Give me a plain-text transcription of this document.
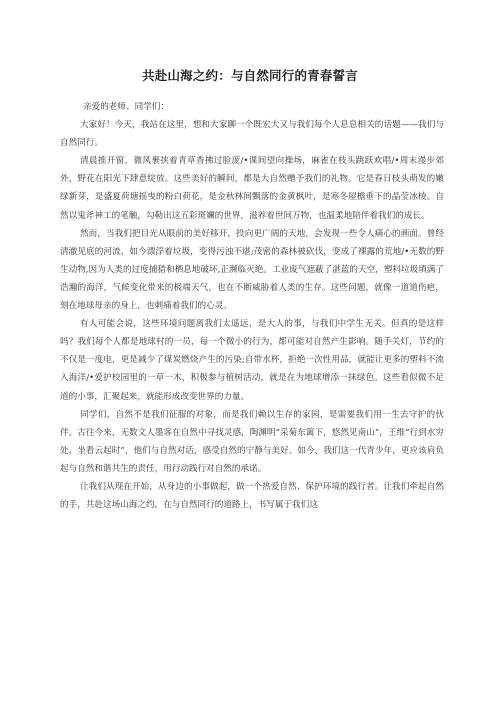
共赴山海之约：与自然同行的青春誓言

亲爱的老师、同学们：

大家好！今天，我站在这里，想和大家聊一个既宏大又与我们每个人息息相关的话题——我们与自然同行。

清晨推开窗，微风裹挟着青草香拂过脸庞/•课间望向操场，麻雀在枝头跳跃欢唱/•周末漫步郊外，野花在阳光下肆意绽放。这些美好的瞬间，都是大自然赠予我们的礼物。它是春日枝头萌发的嫩绿新芽，是盛夏荷塘摇曳的粉白荷花，是金秋林间飘落的金黄枫叶，是寒冬屋檐垂下的晶莹冰棱。自然以鬼斧神工的笔触，勾勒出这五彩斑斓的世界，滋养着世间万物，也温柔地陪伴着我们的成长。

然而，当我们把目光从眼前的美好移开，投向更广阔的天地，会发现一些令人痛心的画面。曾经清澈见底的河流，如今漂浮着垃圾，变得污浊不堪;茂密的森林被砍伐，变成了裸露的荒地/•无数的野生动物,因为人类的过度捕猎和栖息地破坏,正濒临灭绝。工业废气遮蔽了湛蓝的天空，塑料垃圾填满了浩瀚的海洋，气候变化带来的极端天气，也在不断威胁着人类的生存。这些问题，就像一道道伤疤，刻在地球母亲的身上，也刺痛着我们的心灵。

有人可能会说，这些环境问题离我们太遥远，是大人的事，与我们中学生无关。但真的是这样吗？我们每个人都是地球村的一员，每一个微小的行为，都可能对自然产生影响。随手关灯，节约的不仅是一度电，更是减少了煤炭燃烧产生的污染;自带水杯，拒绝一次性用品，就能让更多的塑料不流入海洋/•爱护校园里的一草一木，积极参与植树活动，就是在为地球增添一抹绿色。这些看似微不足道的小事，汇聚起来，就能形成改变世界的力量。

同学们，自然不是我们征服的对象，而是我们赖以生存的家园，是需要我们用一生去守护的伙伴。古往今来，无数文人墨客在自然中寻找灵感，陶渊明“采菊东篱下，悠然见南山”，王维“行到水穷处，坐看云起时”，他们与自然对话，感受自然的宁静与美好。如今，我们这一代青少年，更应该肩负起与自然和谐共生的责任，用行动践行对自然的承诺。

让我们从现在开始，从身边的小事做起，做一个热爱自然、保护环境的践行者。让我们牵起自然的手，共赴这场山海之约，在与自然同行的道路上，书写属于我们这
